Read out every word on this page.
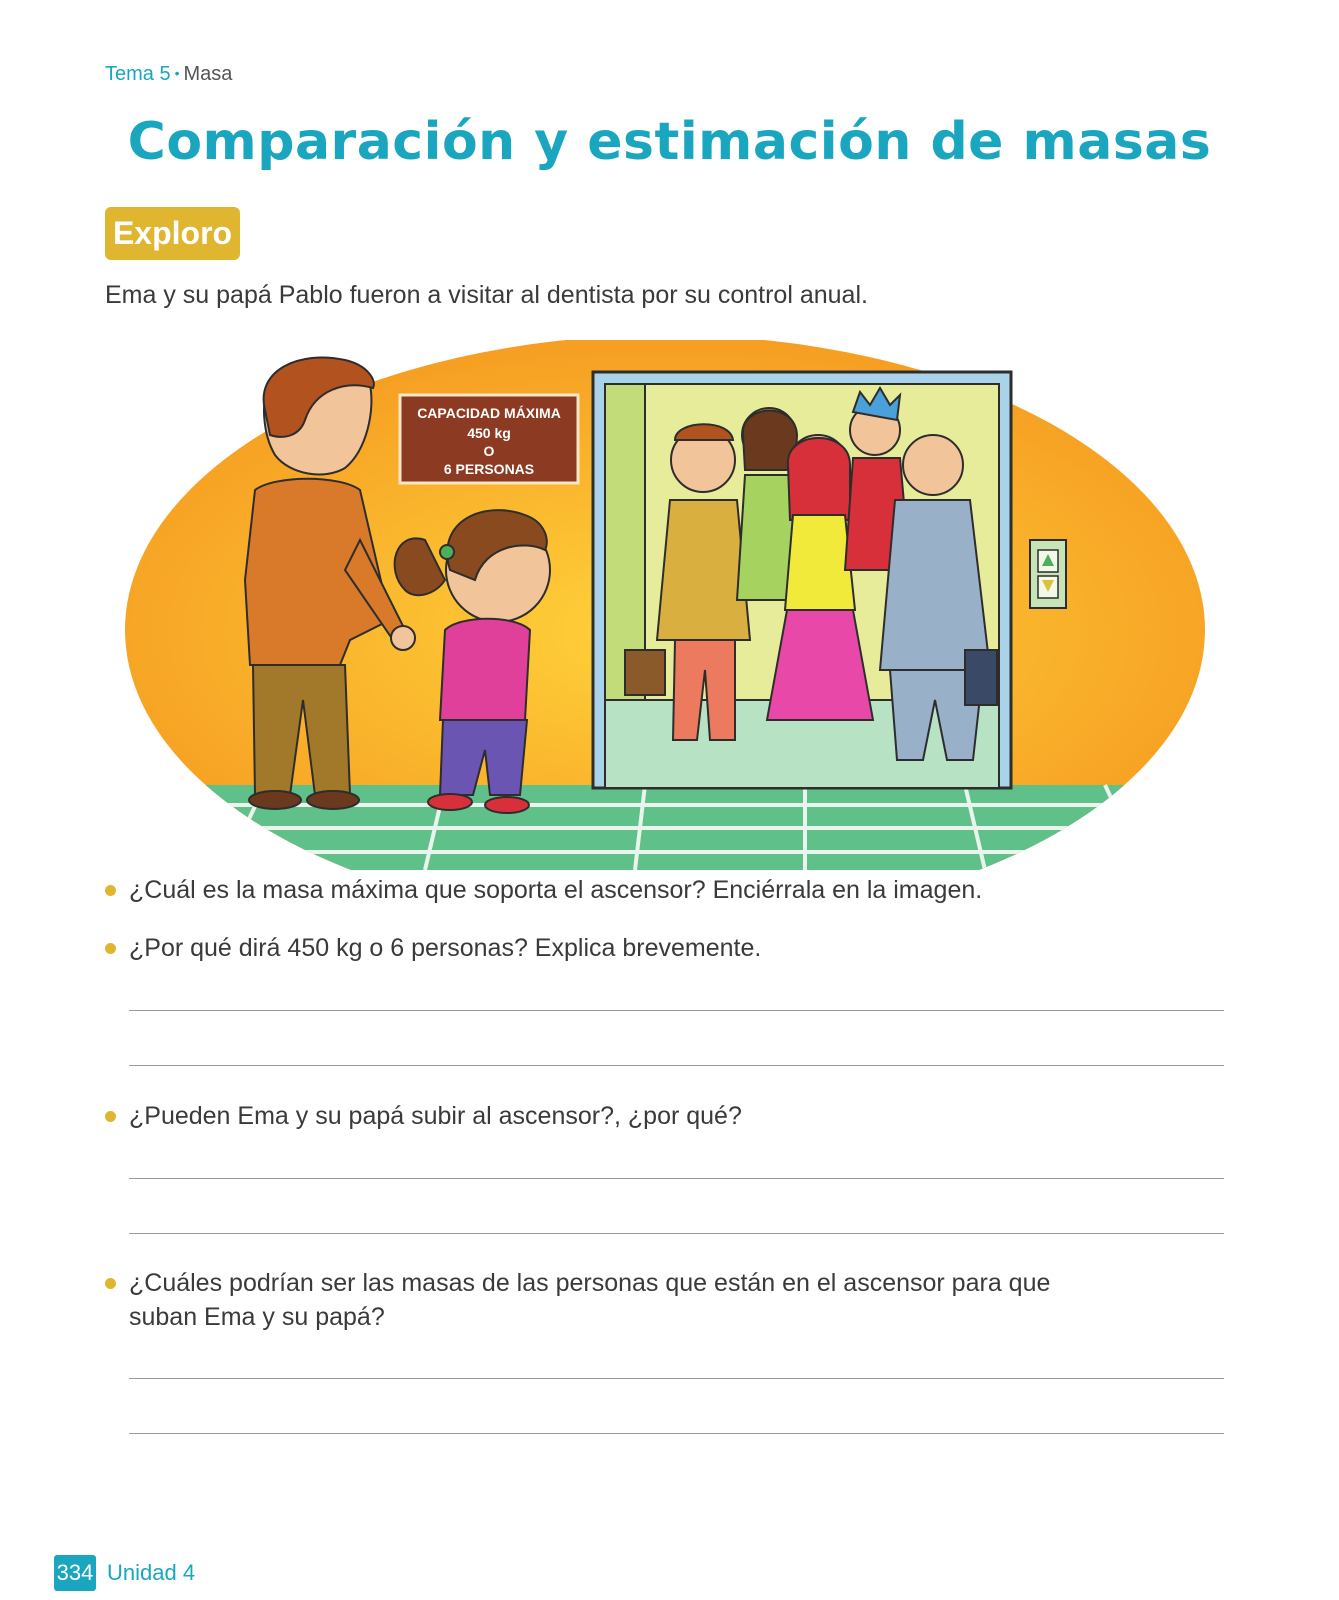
Tema 5 • Masa
Comparación y estimación de masas
Exploro
Ema y su papá Pablo fueron a visitar al dentista por su control anual.
CAPACIDAD MÁXIMA
450 kg
O
6 PERSONAS
¿Cuál es la masa máxima que soporta el ascensor? Enciérrala en la imagen.
¿Por qué dirá 450 kg o 6 personas? Explica brevemente.
¿Pueden Ema y su papá subir al ascensor?, ¿por qué?
¿Cuáles podrían ser las masas de las personas que están en el ascensor para que suban Ema y su papá?
334 Unidad 4
